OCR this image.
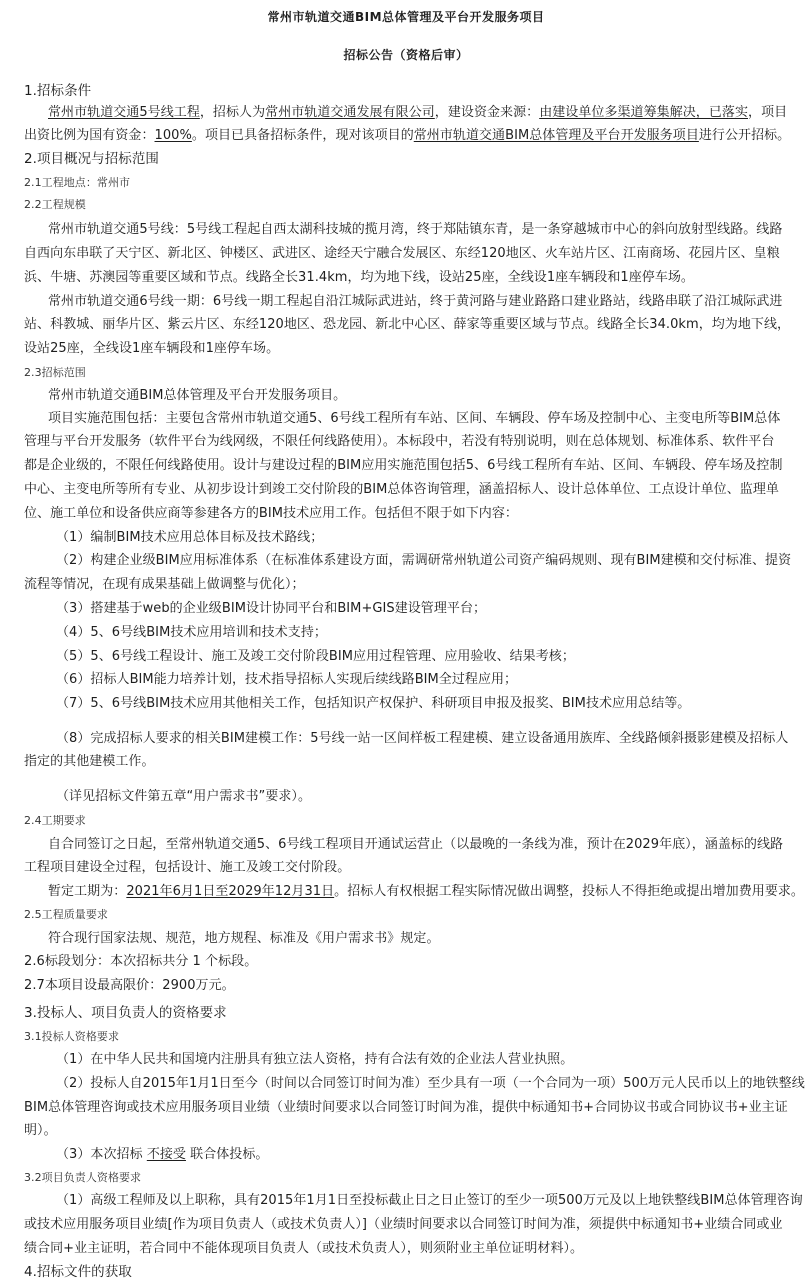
常州市轨道交通BIM总体管理及平台开发服务项目
招标公告（资格后审）
1.招标条件
常州市轨道交通5号线工程，招标人为常州市轨道交通发展有限公司，建设资金来源：由建设单位多渠道筹集解决，已落实，项目
出资比例为国有资金：100%。项目已具备招标条件，现对该项目的常州市轨道交通BIM总体管理及平台开发服务项目进行公开招标。
2.项目概况与招标范围
2.1工程地点：常州市
2.2工程规模
常州市轨道交通5号线：5号线工程起自西太湖科技城的揽月湾，终于郑陆镇东青，是一条穿越城市中心的斜向放射型线路。线路
自西向东串联了天宁区、新北区、钟楼区、武进区、途经天宁融合发展区、东经120地区、火车站片区、江南商场、花园片区、皇粮
浜、牛塘、苏澳园等重要区域和节点。线路全长31.4km，均为地下线，设站25座，全线设1座车辆段和1座停车场。
常州市轨道交通6号线一期：6号线一期工程起自沿江城际武进站，终于黄河路与建业路路口建业路站，线路串联了沿江城际武进
站、科教城、丽华片区、紫云片区、东经120地区、恐龙园、新北中心区、薛家等重要区域与节点。线路全长34.0km，均为地下线，
设站25座，全线设1座车辆段和1座停车场。
2.3招标范围
常州市轨道交通BIM总体管理及平台开发服务项目。
项目实施范围包括：主要包含常州市轨道交通5、6号线工程所有车站、区间、车辆段、停车场及控制中心、主变电所等BIM总体
管理与平台开发服务（软件平台为线网级，不限任何线路使用）。本标段中，若没有特别说明，则在总体规划、标准体系、软件平台
都是企业级的，不限任何线路使用。设计与建设过程的BIM应用实施范围包括5、6号线工程所有车站、区间、车辆段、停车场及控制
中心、主变电所等所有专业、从初步设计到竣工交付阶段的BIM总体咨询管理，涵盖招标人、设计总体单位、工点设计单位、监理单
位、施工单位和设备供应商等参建各方的BIM技术应用工作。包括但不限于如下内容：
（1）编制BIM技术应用总体目标及技术路线；
（2）构建企业级BIM应用标准体系（在标准体系建设方面，需调研常州轨道公司资产编码规则、现有BIM建模和交付标准、提资
流程等情况，在现有成果基础上做调整与优化）；
（3）搭建基于web的企业级BIM设计协同平台和BIM+GIS建设管理平台；
（4）5、6号线BIM技术应用培训和技术支持；
（5）5、6号线工程设计、施工及竣工交付阶段BIM应用过程管理、应用验收、结果考核；
（6）招标人BIM能力培养计划，技术指导招标人实现后续线路BIM全过程应用；
（7）5、6号线BIM技术应用其他相关工作，包括知识产权保护、科研项目申报及报奖、BIM技术应用总结等。
（8）完成招标人要求的相关BIM建模工作：5号线一站一区间样板工程建模、建立设备通用族库、全线路倾斜摄影建模及招标人
指定的其他建模工作。
（详见招标文件第五章“用户需求书”要求）。
2.4工期要求
自合同签订之日起，至常州轨道交通5、6号线工程项目开通试运营止（以最晚的一条线为准，预计在2029年底），涵盖标的线路
工程项目建设全过程，包括设计、施工及竣工交付阶段。
暂定工期为：2021年6月1日至2029年12月31日。招标人有权根据工程实际情况做出调整，投标人不得拒绝或提出增加费用要求。
2.5工程质量要求
符合现行国家法规、规范，地方规程、标准及《用户需求书》规定。
2.6标段划分：本次招标共分 1 个标段。
2.7本项目设最高限价：2900万元。
3.投标人、项目负责人的资格要求
3.1投标人资格要求
（1）在中华人民共和国境内注册具有独立法人资格，持有合法有效的企业法人营业执照。
（2）投标人自2015年1月1日至今（时间以合同签订时间为准）至少具有一项（一个合同为一项）500万元人民币以上的地铁整线
BIM总体管理咨询或技术应用服务项目业绩（业绩时间要求以合同签订时间为准，提供中标通知书+合同协议书或合同协议书+业主证
明）。
（3）本次招标 不接受 联合体投标。
3.2项目负责人资格要求
（1）高级工程师及以上职称，具有2015年1月1日至投标截止日之日止签订的至少一项500万元及以上地铁整线BIM总体管理咨询
或技术应用服务项目业绩[作为项目负责人（或技术负责人）]（业绩时间要求以合同签订时间为准，须提供中标通知书+业绩合同或业
绩合同+业主证明，若合同中不能体现项目负责人（或技术负责人），则须附业主单位证明材料）。
4.招标文件的获取
